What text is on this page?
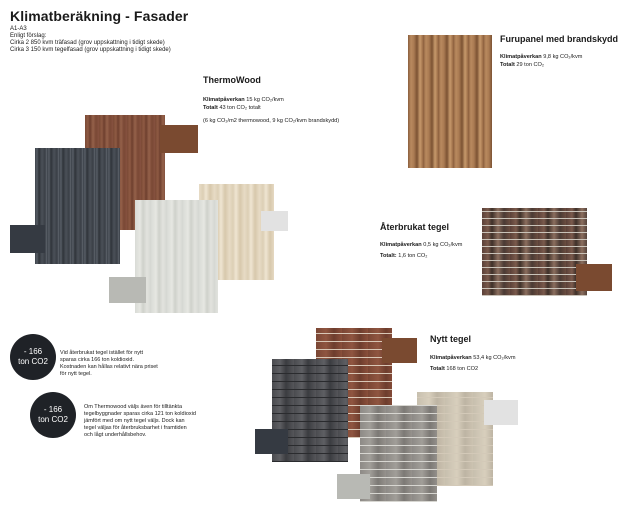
Klimatberäkning - Fasader
A1-A3
Enligt förslag:
Cirka 2 850 kvm träfasad (grov uppskattning i tidigt skede)
Cirka 3 150 kvm tegelfasad (grov uppskattning i tidigt skede)
ThermoWood
Klimatpåverkan 15 kg CO₂/kvm
Totalt 43 ton CO₂ totalt
(6 kg CO₂/m2 thermowood, 9 kg CO₂/kvm brandskydd)
Furupanel med brandskydd
Klimatpåverkan 9,8 kg CO₂/kvm
Totalt 29 ton CO₂
Återbrukat tegel
Klimatpåverkan 0,5 kg CO₂/kvm
Totalt: 1,6 ton CO₂
- 166
ton CO2
Vid återbrukat tegel istället för nytt sparas cirka 166 ton koldioxid. Kostnaden kan hållas relativt nära priset för nytt tegel.
- 166
ton CO2
Om Thermowood väljs även för tilltänkta tegelbyggnader sparas cirka 121 ton koldioxid jämfört med om nytt tegel väljs. Dock kan tegel väljas för återbruksbarhet i framtiden och lågt underhållsbehov.
Nytt tegel
Klimatpåverkan 53,4 kg CO₂/kvm
Totalt 168 ton CO2
